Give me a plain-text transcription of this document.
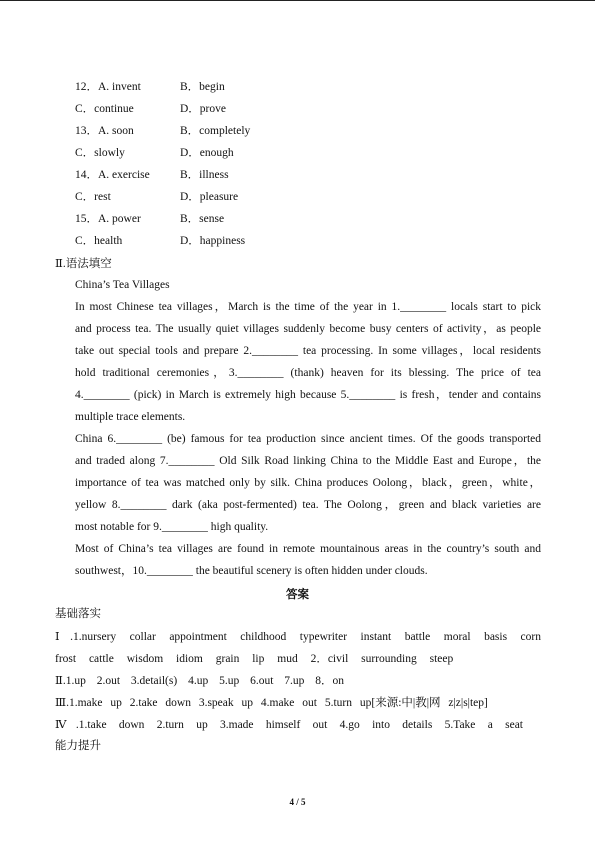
12．A. invent	B．begin
C．continue	D．prove
13．A. soon	B．completely
C．slowly	D．enough
14．A. exercise	B．illness
C．rest	D．pleasure
15．A. power	B．sense
C．health	D．happiness
Ⅱ.语法填空
China’s Tea Villages
In most Chinese tea villages，March is the time of the year in 1.________ locals start to pick
and process tea. The usually quiet villages suddenly become busy centers of activity，as people
take out special tools and prepare 2.________ tea processing. In some villages，local residents
hold traditional ceremonies，3.________ (thank) heaven for its blessing. The price of tea
4.________ (pick) in March is extremely high because 5.________ is fresh，tender and contains
multiple trace elements.
China 6.________ (be) famous for tea production since ancient times. Of the goods transported
and traded along 7.________ Old Silk Road linking China to the Middle East and Europe，the
importance of tea was matched only by silk. China produces Oolong，black，green，white，
yellow 8.________ dark (aka post-fermented) tea. The Oolong，green and black varieties are
most notable for 9.________ high quality.
Most of China’s tea villages are found in remote mountainous areas in the country’s south and
southwest，10.________ the beautiful scenery is often hidden under clouds.
答案
基础落实
Ⅰ.1.nursery collar appointment childhood typewriter instant battle moral basis corn
frost cattle wisdom idiom grain lip mud 2．civil surrounding steep
Ⅱ.1.up 2.out 3.detail(s) 4.up 5.up 6.out 7.up 8．on
Ⅲ.1.make up 2.take down 3.speak up 4.make out 5.turn up[来源:中|教|网 z|z|s|tep]
Ⅳ.1.take down 2.turn up 3.made himself out 4.go into details 5.Take a seat
能力提升
4 / 5
